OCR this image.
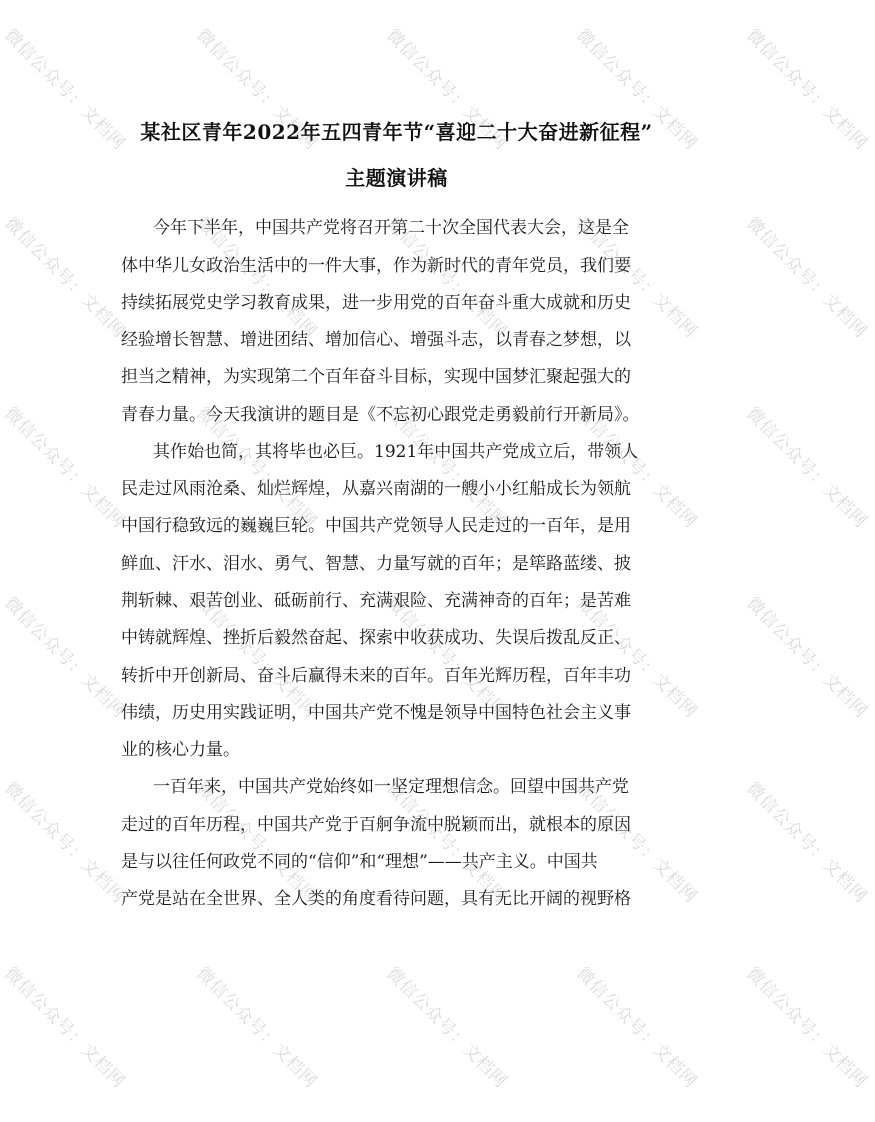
某社区青年2022年五四青年节“喜迎二十大奋进新征程”
主题演讲稿
今年下半年，中国共产党将召开第二十次全国代表大会，这是全
体中华儿女政治生活中的一件大事，作为新时代的青年党员，我们要
持续拓展党史学习教育成果，进一步用党的百年奋斗重大成就和历史
经验增长智慧、增进团结、增加信心、增强斗志，以青春之梦想，以
担当之精神，为实现第二个百年奋斗目标，实现中国梦汇聚起强大的
青春力量。今天我演讲的题目是《不忘初心跟党走勇毅前行开新局》。
其作始也简，其将毕也必巨。1921年中国共产党成立后，带领人
民走过风雨沧桑、灿烂辉煌，从嘉兴南湖的一艘小小红船成长为领航
中国行稳致远的巍巍巨轮。中国共产党领导人民走过的一百年，是用
鲜血、汗水、泪水、勇气、智慧、力量写就的百年；是筚路蓝缕、披
荆斩棘、艰苦创业、砥砺前行、充满艰险、充满神奇的百年；是苦难
中铸就辉煌、挫折后毅然奋起、探索中收获成功、失误后拨乱反正、
转折中开创新局、奋斗后赢得未来的百年。百年光辉历程，百年丰功
伟绩，历史用实践证明，中国共产党不愧是领导中国特色社会主义事
业的核心力量。
一百年来，中国共产党始终如一坚定理想信念。回望中国共产党
走过的百年历程，中国共产党于百舸争流中脱颖而出，就根本的原因
是与以往任何政党不同的“信仰”和“理想”——共产主义。中国共
产党是站在全世界、全人类的角度看待问题，具有无比开阔的视野格
微信公众号：文档网	微信公众号：文档网	微信公众号：文档网	微信公众号：文档网 微信公众号：文档网
微信公众号：文档网	微信公众号：文档网	微信公众号：文档网	微信公众号：文档网 微信公众号：文档网
微信公众号：文档网	微信公众号：文档网	微信公众号：文档网	微信公众号：文档网 微信公众号：文档网
微信公众号：文档网	微信公众号：文档网	微信公众号：文档网	微信公众号：文档网 微信公众号：文档网
微信公众号：文档网	微信公众号：文档网	微信公众号：文档网	微信公众号：文档网 微信公众号：文档网
微信公众号：文档网	微信公众号：文档网	微信公众号：文档网	微信公众号：文档网 微信公众号：文档网
